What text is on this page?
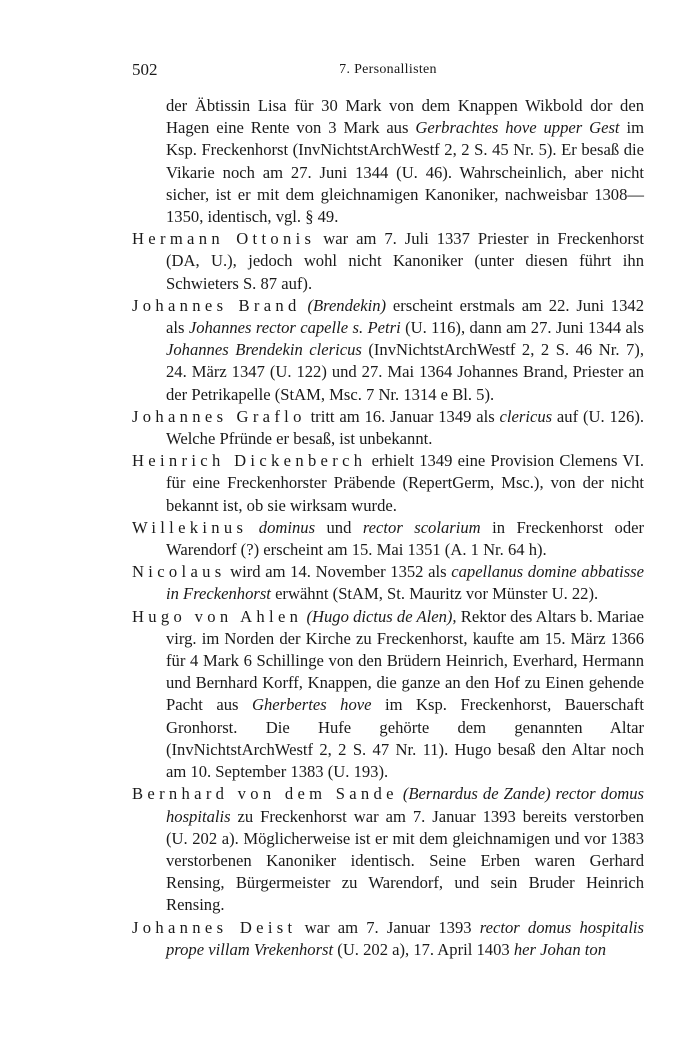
502	7. Personallisten

der Äbtissin Lisa für 30 Mark von dem Knappen Wikbold dor den Hagen eine Rente von 3 Mark aus Gerbrachtes hove upper Gest im Ksp. Freckenhorst (InvNichtstArchWestf 2, 2 S. 45 Nr. 5). Er besaß die Vikarie noch am 27. Juni 1344 (U. 46). Wahrscheinlich, aber nicht sicher, ist er mit dem gleichnamigen Kanoniker, nachweisbar 1308—1350, identisch, vgl. § 49.

Hermann Ottonis war am 7. Juli 1337 Priester in Freckenhorst (DA, U.), jedoch wohl nicht Kanoniker (unter diesen führt ihn Schwieters S. 87 auf).

Johannes Brand (Brendekin) erscheint erstmals am 22. Juni 1342 als Johannes rector capelle s. Petri (U. 116), dann am 27. Juni 1344 als Johannes Brendekin clericus (InvNichtstArchWestf 2, 2 S. 46 Nr. 7), 24. März 1347 (U. 122) und 27. Mai 1364 Johannes Brand, Priester an der Petrikapelle (StAM, Msc. 7 Nr. 1314 e Bl. 5).

Johannes Graflo tritt am 16. Januar 1349 als clericus auf (U. 126). Welche Pfründe er besaß, ist unbekannt.

Heinrich Dickenberch erhielt 1349 eine Provision Clemens VI. für eine Freckenhorster Präbende (RepertGerm, Msc.), von der nicht bekannt ist, ob sie wirksam wurde.

Willekinus dominus und rector scolarium in Freckenhorst oder Warendorf (?) erscheint am 15. Mai 1351 (A. 1 Nr. 64 h).

Nicolaus wird am 14. November 1352 als capellanus domine abbatisse in Freckenhorst erwähnt (StAM, St. Mauritz vor Münster U. 22).

Hugo von Ahlen (Hugo dictus de Alen), Rektor des Altars b. Mariae virg. im Norden der Kirche zu Freckenhorst, kaufte am 15. März 1366 für 4 Mark 6 Schillinge von den Brüdern Heinrich, Everhard, Hermann und Bernhard Korff, Knappen, die ganze an den Hof zu Einen gehende Pacht aus Gherbertes hove im Ksp. Freckenhorst, Bauerschaft Gronhorst. Die Hufe gehörte dem genannten Altar (InvNichtstArchWestf 2, 2 S. 47 Nr. 11). Hugo besaß den Altar noch am 10. September 1383 (U. 193).

Bernhard von dem Sande (Bernardus de Zande) rector domus hospitalis zu Freckenhorst war am 7. Januar 1393 bereits verstorben (U. 202 a). Möglicherweise ist er mit dem gleichnamigen und vor 1383 verstorbenen Kanoniker identisch. Seine Erben waren Gerhard Rensing, Bürgermeister zu Warendorf, und sein Bruder Heinrich Rensing.

Johannes Deist war am 7. Januar 1393 rector domus hospitalis prope villam Vrekenhorst (U. 202 a), 17. April 1403 her Johan ton
